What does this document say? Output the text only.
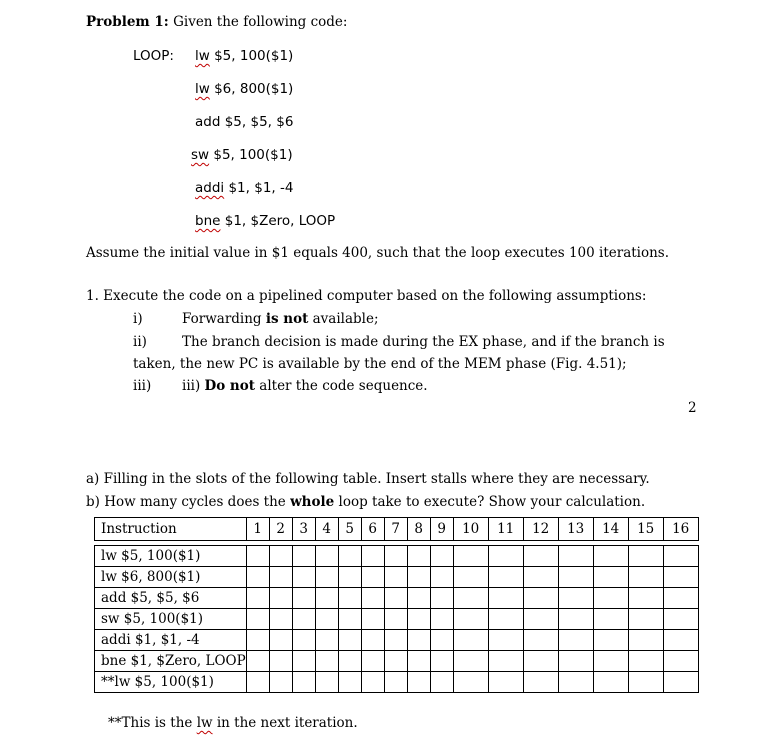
Problem 1: Given the following code:
LOOP: lw $5, 100($1)
lw $6, 800($1)
add $5, $5, $6
sw $5, 100($1)
addi $1, $1, -4
bne $1, $Zero, LOOP
Assume the initial value in $1 equals 400, such that the loop executes 100 iterations.
1. Execute the code on a pipelined computer based on the following assumptions:
i)	Forwarding is not available;
ii)	The branch decision is made during the EX phase, and if the branch is
taken, the new PC is available by the end of the MEM phase (Fig. 4.51);
iii) iii) Do not alter the code sequence.
2
a) Filling in the slots of the following table. Insert stalls where they are necessary.
b) How many cycles does the whole loop take to execute? Show your calculation.
Instruction	1	2	3	4	5	6	7	8	9	10	11	12	13	14	15	16

lw $5, 100($1)																
lw $6, 800($1)																
add $5, $5, $6																
sw $5, 100($1)																
addi $1, $1, -4																
bne $1, $Zero, LOOP																
**lw $5, 100($1)																
**This is the lw in the next iteration.
